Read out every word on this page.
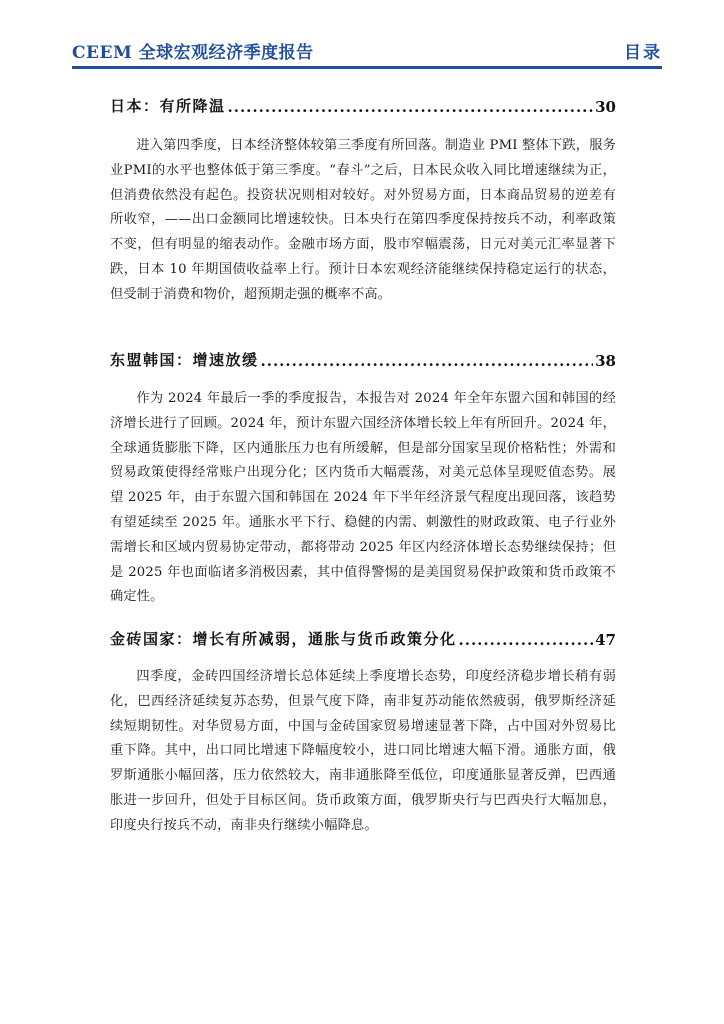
CEEM 全球宏观经济季度报告	目录
日本：有所降温 .....	30

进入第四季度，日本经济整体较第三季度有所回落。制造业 PMI 整体下跌，服务业PMI的水平也整体低于第三季度。“春斗”之后，日本民众收入同比增速继续为正，但消费依然没有起色。投资状况则相对较好。对外贸易方面，日本商品贸易的逆差有所收窄，——出口金额同比增速较快。日本央行在第四季度保持按兵不动，利率政策不变，但有明显的缩表动作。金融市场方面，股市窄幅震荡，日元对美元汇率显著下跌，日本 10 年期国债收益率上行。预计日本宏观经济能继续保持稳定运行的状态，但受制于消费和物价，超预期走强的概率不高。

东盟韩国：增速放缓 .....	38

作为 2024 年最后一季的季度报告，本报告对 2024 年全年东盟六国和韩国的经济增长进行了回顾。2024 年，预计东盟六国经济体增长较上年有所回升。2024 年，全球通货膨胀下降，区内通胀压力也有所缓解，但是部分国家呈现价格粘性；外需和贸易政策使得经常账户出现分化；区内货币大幅震荡，对美元总体呈现贬值态势。展望 2025 年，由于东盟六国和韩国在 2024 年下半年经济景气程度出现回落，该趋势有望延续至 2025 年。通胀水平下行、稳健的内需、刺激性的财政政策、电子行业外需增长和区域内贸易协定带动，都将带动 2025 年区内经济体增长态势继续保持；但是 2025 年也面临诸多消极因素，其中值得警惕的是美国贸易保护政策和货币政策不确定性。

金砖国家：增长有所减弱，通胀与货币政策分化 .....	47

四季度，金砖四国经济增长总体延续上季度增长态势，印度经济稳步增长稍有弱化，巴西经济延续复苏态势，但景气度下降，南非复苏动能依然疲弱，俄罗斯经济延续短期韧性。对华贸易方面，中国与金砖国家贸易增速显著下降，占中国对外贸易比重下降。其中，出口同比增速下降幅度较小，进口同比增速大幅下滑。通胀方面，俄罗斯通胀小幅回落，压力依然较大，南非通胀降至低位，印度通胀显著反弹，巴西通胀进一步回升，但处于目标区间。货币政策方面，俄罗斯央行与巴西央行大幅加息，印度央行按兵不动，南非央行继续小幅降息。
